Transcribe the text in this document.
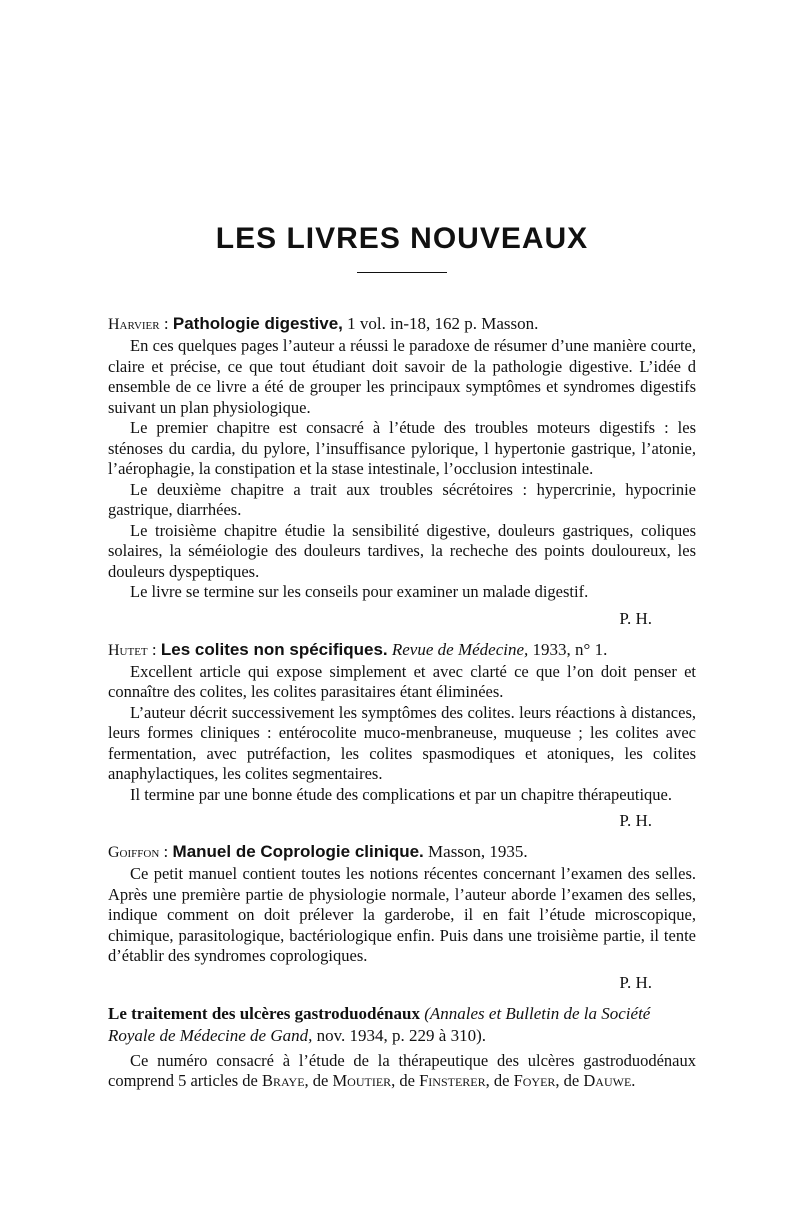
LES LIVRES NOUVEAUX

Harvier : Pathologie digestive, 1 vol. in-18, 162 p. Masson.

En ces quelques pages l’auteur a réussi le paradoxe de résumer d’une manière courte, claire et précise, ce que tout étudiant doit savoir de la pathologie digestive. L’idée d ensemble de ce livre a été de grouper les principaux symptômes et syndromes digestifs suivant un plan physiologique.

Le premier chapitre est consacré à l’étude des troubles moteurs digestifs : les sténoses du cardia, du pylore, l’insuffisance pylorique, l hypertonie gastrique, l’atonie, l’aérophagie, la constipation et la stase intestinale, l’occlusion intestinale.

Le deuxième chapitre a trait aux troubles sécrétoires : hypercrinie, hypocrinie gastrique, diarrhées.

Le troisième chapitre étudie la sensibilité digestive, douleurs gastriques, coliques solaires, la séméiologie des douleurs tardives, la recheche des points douloureux, les douleurs dyspeptiques.

Le livre se termine sur les conseils pour examiner un malade digestif.

P. H.

Hutet : Les colites non spécifiques. Revue de Médecine, 1933, n° 1.

Excellent article qui expose simplement et avec clarté ce que l’on doit penser et connaître des colites, les colites parasitaires étant éliminées.

L’auteur décrit successivement les symptômes des colites. leurs réactions à distances, leurs formes cliniques : entérocolite muco-menbraneuse, muqueuse ; les colites avec fermentation, avec putréfaction, les colites spasmodiques et atoniques, les colites anaphylactiques, les colites segmentaires.

Il termine par une bonne étude des complications et par un chapitre thérapeutique.

P. H.

Goiffon : Manuel de Coprologie clinique. Masson, 1935.

Ce petit manuel contient toutes les notions récentes concernant l’examen des selles. Après une première partie de physiologie normale, l’auteur aborde l’examen des selles, indique comment on doit prélever la garderobe, il en fait l’étude microscopique, chimique, parasitologique, bactériologique enfin. Puis dans une troisième partie, il tente d’établir des syndromes coprologiques.

P. H.

Le traitement des ulcères gastroduodénaux (Annales et Bulletin de la Société Royale de Médecine de Gand, nov. 1934, p. 229 à 310).

Ce numéro consacré à l’étude de la thérapeutique des ulcères gastroduodénaux comprend 5 articles de Braye, de Moutier, de Finsterer, de Foyer, de Dauwe.
